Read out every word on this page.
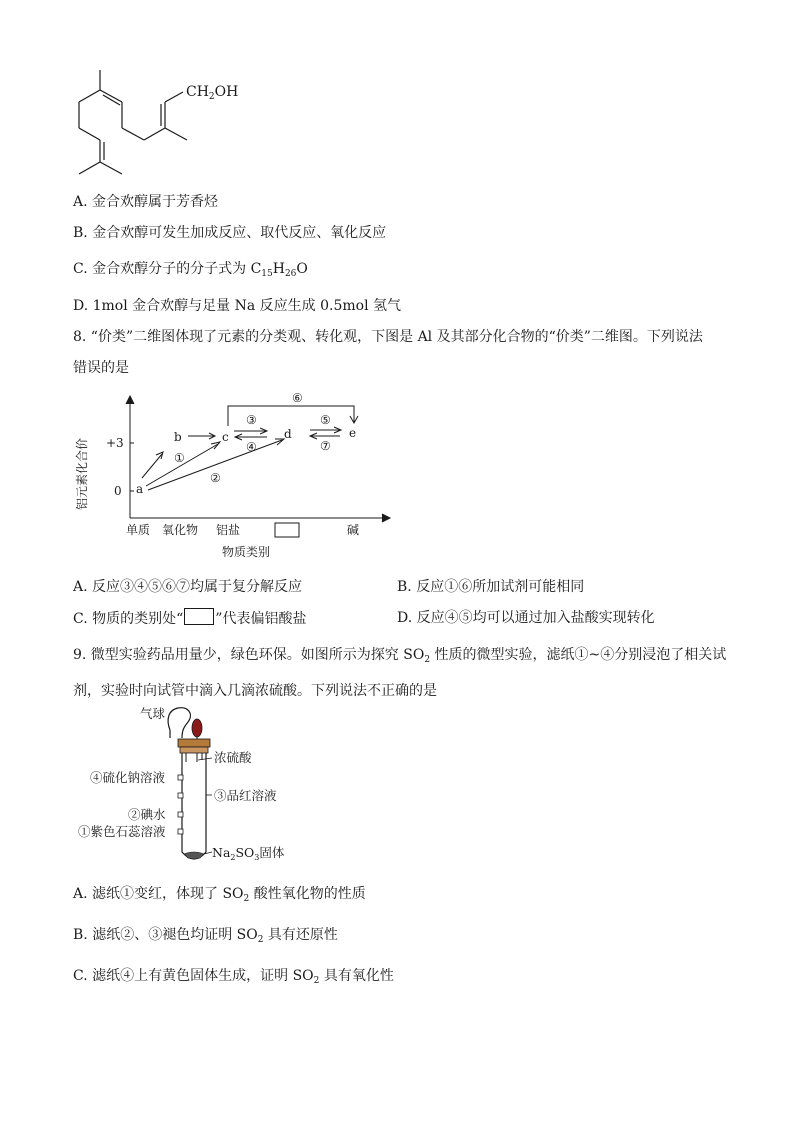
$CH_2OH$
A. 金合欢醇属于芳香烃
B. 金合欢醇可发生加成反应、取代反应、氧化反应
C. 金合欢醇分子的分子式为 $C_{15}H_{26}O$
D. 1mol 金合欢醇与足量 Na 反应生成 0.5mol 氢气
8. “价类”二维图体现了元素的分类观、转化观，下图是 Al 及其部分化合物的“价类”二维图。下列说法
错误的是
铝元素化合价 +3
0 a
b	c	d	e
①
②
③
④
⑤
⑥
⑦
单质 氧化物 铝盐	碱
物质类别
A. 反应③④⑤⑥⑦均属于复分解反应	B. 反应①⑥所加试剂可能相同
C. 物质的类别处“ ”代表偏铝酸盐	D. 反应④⑤均可以通过加入盐酸实现转化
9. 微型实验药品用量少，绿色环保。如图所示为探究 $SO_2$ 性质的微型实验，滤纸①~④分别浸泡了相关试
剂，实验时向试管中滴入几滴浓硫酸。下列说法不正确的是
气球
浓硫酸
④硫化钠溶液
③品红溶液
②碘水
①紫色石蕊溶液
$Na_2SO_3$固体
A. 滤纸①变红，体现了 $SO_2$ 酸性氧化物的性质
B. 滤纸②、③褪色均证明 $SO_2$ 具有还原性
C. 滤纸④上有黄色固体生成，证明 $SO_2$ 具有氧化性
